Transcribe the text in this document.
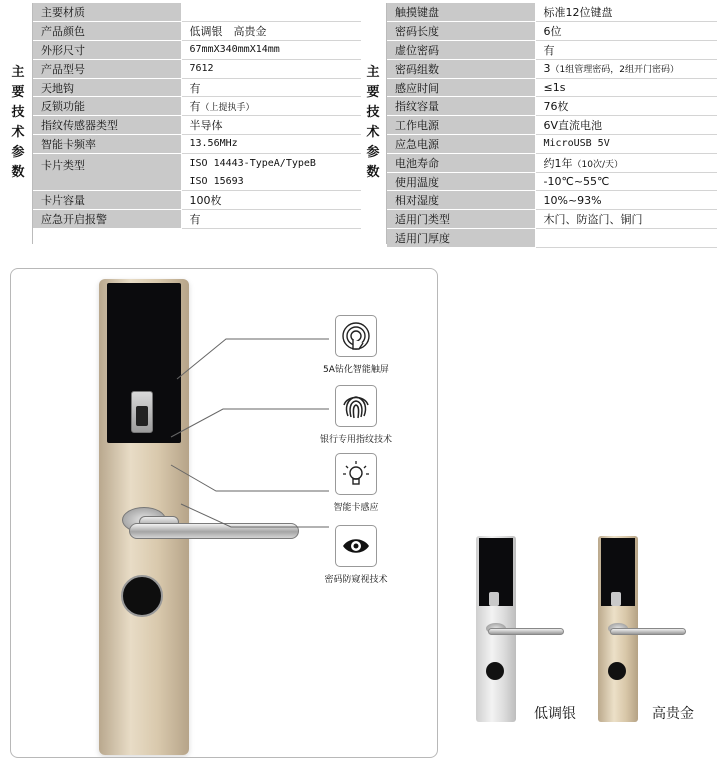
主
要
技
术
参
数
主
要
技
术
参
数
主要材质	
产品颜色	低调银　高贵金
外形尺寸	67mmX340mmX14mm
产品型号	7612
天地钩	有
反锁功能	有（上提执手）
指纹传感器类型	半导体
智能卡频率	13.56MHz
卡片类型	ISO 14443-TypeA/TypeB
	ISO 15693
卡片容量	100枚
应急开启报警	有
触摸键盘	标准12位键盘
密码长度	6位
虚位密码	有
密码组数	3（1组管理密码，2组开门密码）
感应时间	≤1s
指纹容量	76枚
工作电源	6V直流电池
应急电源	MicroUSB 5V
电池寿命	约1年（10次/天）
使用温度	-10℃~55℃
相对湿度	10%~93%
适用门类型	木门、防盗门、铜门
适用门厚度	
5A钻化智能触屏
银行专用指纹技术
智能卡感应
密码防窥视技术
低调银	高贵金
